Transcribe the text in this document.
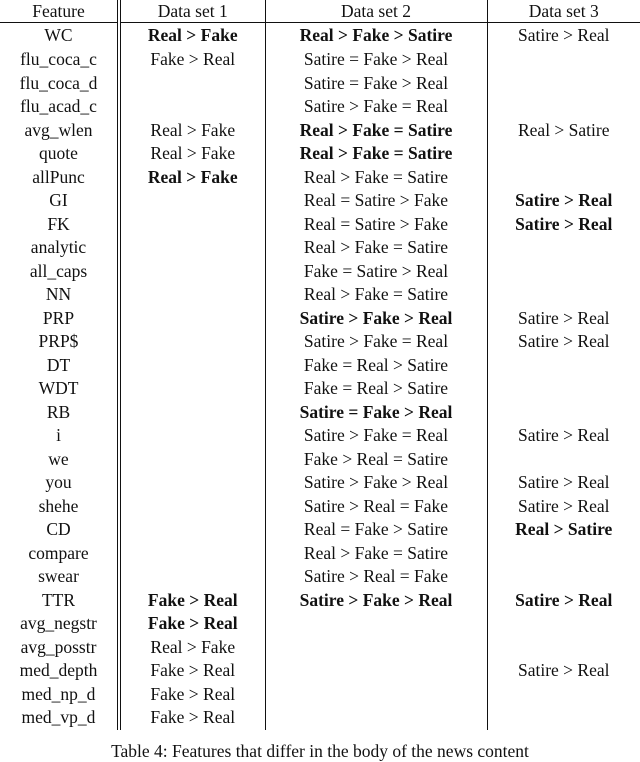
Feature	Data set 1	Data set 2	Data set 3
WC	Real > Fake	Real > Fake > Satire	Satire > Real
flu_coca_c	Fake > Real	Satire = Fake > Real	
flu_coca_d		Satire = Fake > Real	
flu_acad_c		Satire > Fake = Real	
avg_wlen	Real > Fake	Real > Fake = Satire	Real > Satire
quote	Real > Fake	Real > Fake = Satire	
allPunc	Real > Fake	Real > Fake = Satire	
GI		Real = Satire > Fake	Satire > Real
FK		Real = Satire > Fake	Satire > Real
analytic		Real > Fake = Satire	
all_caps		Fake = Satire > Real	
NN		Real > Fake = Satire	
PRP		Satire > Fake > Real	Satire > Real
PRP$		Satire > Fake = Real	Satire > Real
DT		Fake = Real > Satire	
WDT		Fake = Real > Satire	
RB		Satire = Fake > Real	
i		Satire > Fake = Real	Satire > Real
we		Fake > Real = Satire	
you		Satire > Fake > Real	Satire > Real
shehe		Satire > Real = Fake	Satire > Real
CD		Real = Fake > Satire	Real > Satire
compare		Real > Fake = Satire	
swear		Satire > Real = Fake	
TTR	Fake > Real	Satire > Fake > Real	Satire > Real
avg_negstr	Fake > Real		
avg_posstr	Real > Fake		
med_depth	Fake > Real		Satire > Real
med_np_d	Fake > Real		
med_vp_d	Fake > Real		
Table 4: Features that differ in the body of the news content
